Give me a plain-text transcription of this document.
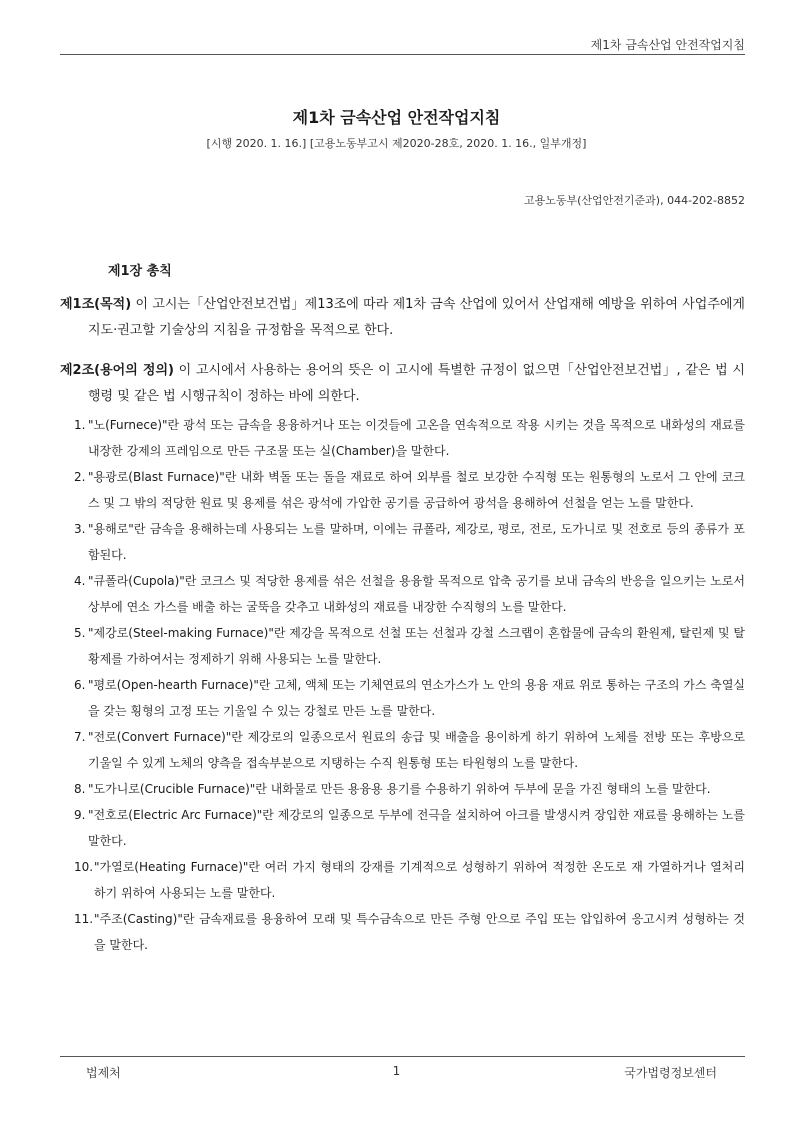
제1차 금속산업 안전작업지침
제1차 금속산업 안전작업지침
[시행 2020. 1. 16.] [고용노동부고시 제2020-28호, 2020. 1. 16., 일부개정]
고용노동부(산업안전기준과), 044-202-8852
제1장 총칙
제1조(목적) 이 고시는「산업안전보건법」제13조에 따라 제1차 금속 산업에 있어서 산업재해 예방을 위하여 사업주에게 지도·권고할 기술상의 지침을 규정함을 목적으로 한다.
제2조(용어의 정의) 이 고시에서 사용하는 용어의 뜻은 이 고시에 특별한 규정이 없으면「산업안전보건법」, 같은 법 시행령 및 같은 법 시행규칙이 정하는 바에 의한다.
1. "노(Furnece)"란 광석 또는 금속을 용융하거나 또는 이것들에 고온을 연속적으로 작용 시키는 것을 목적으로 내화성의 재료를 내장한 강제의 프레임으로 만든 구조물 또는 실(Chamber)을 말한다.
2. "용광로(Blast Furnace)"란 내화 벽돌 또는 돌을 재료로 하여 외부를 철로 보강한 수직형 또는 원통형의 노로서 그 안에 코크스 및 그 밖의 적당한 원료 및 용제를 섞은 광석에 가압한 공기를 공급하여 광석을 용해하여 선철을 얻는 노를 말한다.
3. "용해로"란 금속을 용해하는데 사용되는 노를 말하며, 이에는 큐폴라, 제강로, 평로, 전로, 도가니로 및 전호로 등의 종류가 포함된다.
4. "큐폴라(Cupola)"란 코크스 및 적당한 용제를 섞은 선철을 용융할 목적으로 압축 공기를 보내 금속의 반응을 일으키는 노로서 상부에 연소 가스를 배출 하는 굴뚝을 갖추고 내화성의 재료를 내장한 수직형의 노를 말한다.
5. "제강로(Steel-making Furnace)"란 제강을 목적으로 선철 또는 선철과 강철 스크랩이 혼합물에 금속의 환원제, 탈린제 및 탈황제를 가하여서는 정제하기 위해 사용되는 노를 말한다.
6. "평로(Open-hearth Furnace)"란 고체, 액체 또는 기체연료의 연소가스가 노 안의 용융 재료 위로 통하는 구조의 가스 축열실을 갖는 횡형의 고정 또는 기울일 수 있는 강철로 만든 노를 말한다.
7. "전로(Convert Furnace)"란 제강로의 일종으로서 원료의 송급 및 배출을 용이하게 하기 위하여 노체를 전방 또는 후방으로 기울일 수 있게 노체의 양측을 접속부분으로 지탱하는 수직 원통형 또는 타원형의 노를 말한다.
8. "도가니로(Crucible Furnace)"란 내화물로 만든 용융용 용기를 수용하기 위하여 두부에 문을 가진 형태의 노를 말한다.
9. "전호로(Electric Arc Furnace)"란 제강로의 일종으로 두부에 전극을 설치하여 아크를 발생시켜 장입한 재료를 용해하는 노를 말한다.
10. "가열로(Heating Furnace)"란 여러 가지 형태의 강재를 기계적으로 성형하기 위하여 적정한 온도로 재 가열하거나 열처리하기 위하여 사용되는 노를 말한다.
11. "주조(Casting)"란 금속재료를 용융하여 모래 및 특수금속으로 만든 주형 안으로 주입 또는 압입하여 응고시켜 성형하는 것을 말한다.
법제처	1	국가법령정보센터
